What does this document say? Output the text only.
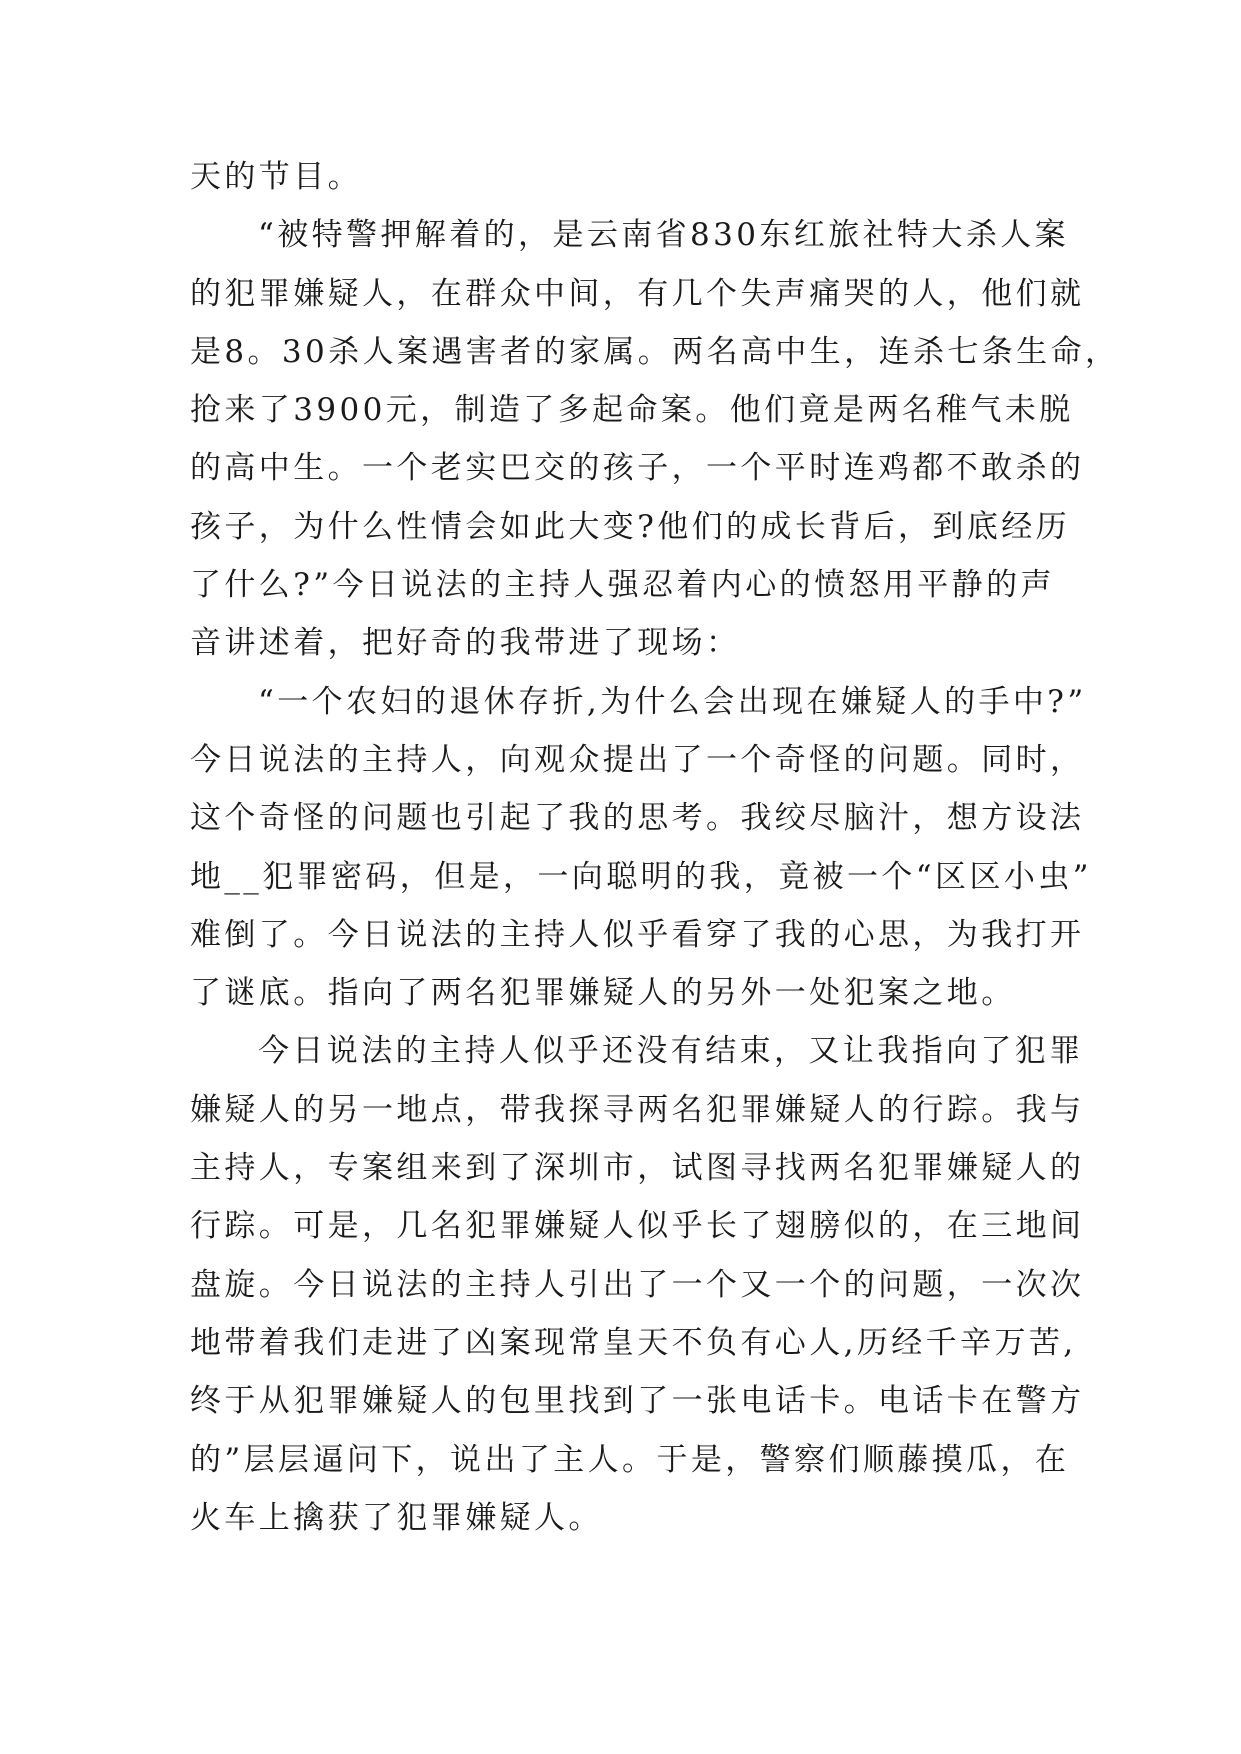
天的节目。
“被特警押解着的，是云南省830东红旅社特大杀人案
的犯罪嫌疑人，在群众中间，有几个失声痛哭的人，他们就
是8。30杀人案遇害者的家属。两名高中生，连杀七条生命，
抢来了3900元，制造了多起命案。他们竟是两名稚气未脱
的高中生。一个老实巴交的孩子，一个平时连鸡都不敢杀的
孩子，为什么性情会如此大变?他们的成长背后，到底经历
了什么?”今日说法的主持人强忍着内心的愤怒用平静的声
音讲述着，把好奇的我带进了现场：
“一个农妇的退休存折,为什么会出现在嫌疑人的手中?”
今日说法的主持人，向观众提出了一个奇怪的问题。同时，
这个奇怪的问题也引起了我的思考。我绞尽脑汁，想方设法
地__犯罪密码，但是，一向聪明的我，竟被一个“区区小虫”
难倒了。今日说法的主持人似乎看穿了我的心思，为我打开
了谜底。指向了两名犯罪嫌疑人的另外一处犯案之地。
今日说法的主持人似乎还没有结束，又让我指向了犯罪
嫌疑人的另一地点，带我探寻两名犯罪嫌疑人的行踪。我与
主持人，专案组来到了深圳市，试图寻找两名犯罪嫌疑人的
行踪。可是，几名犯罪嫌疑人似乎长了翅膀似的，在三地间
盘旋。今日说法的主持人引出了一个又一个的问题，一次次
地带着我们走进了凶案现常皇天不负有心人,历经千辛万苦,
终于从犯罪嫌疑人的包里找到了一张电话卡。电话卡在警方
的”层层逼问下，说出了主人。于是，警察们顺藤摸瓜，在
火车上擒获了犯罪嫌疑人。
